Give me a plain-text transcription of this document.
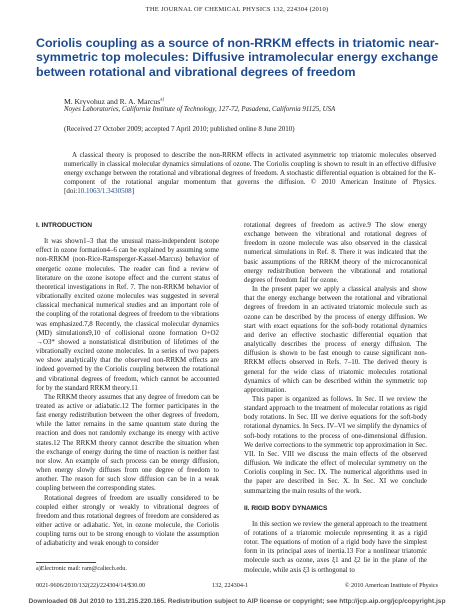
THE JOURNAL OF CHEMICAL PHYSICS 132, 224304 (2010)
Coriolis coupling as a source of non-RRKM effects in triatomic near-symmetric top molecules: Diffusive intramolecular energy exchange between rotational and vibrational degrees of freedom
M. Kryvohuz and R. A. Marcus$^{a)}$
Noyes Laboratories, California Institute of Technology, 127-72, Pasadena, California 91125, USA
(Received 27 October 2009; accepted 7 April 2010; published online 8 June 2010)
A classical theory is proposed to describe the non-RRKM effects in activated asymmetric top triatomic molecules observed numerically in classical molecular dynamics simulations of ozone. The Coriolis coupling is shown to result in an effective diffusive energy exchange between the rotational and vibrational degrees of freedom. A stochastic differential equation is obtained for the K-component of the rotational angular momentum that governs the diffusion. © 2010 American Institute of Physics. [doi:10.1063/1.3430508]
I. INTRODUCTION

It was shown1–3 that the unusual mass-independent isotope effect in ozone formation4–6 can be explained by assuming some non-RRKM (non-Rice-Ramsperger-Kassel-Marcus) behavior of energetic ozone molecules. The reader can find a review of literature on the ozone isotope effect and the current status of theoretical investigations in Ref. 7. The non-RRKM behavior of vibrationally excited ozone molecules was suggested in several classical mechanical numerical studies and an important role of the coupling of the rotational degrees of freedom to the vibrations was emphasized.7,8 Recently, the classical molecular dynamics (MD) simulations9,10 of collisional ozone formation O+O2 →O3* showed a nonstatistical distribution of lifetimes of the vibrationally excited ozone molecules. In a series of two papers we show analytically that the observed non-RRKM effects are indeed governed by the Coriolis coupling between the rotational and vibrational degrees of freedom, which cannot be accounted for by the standard RRKM theory.11

The RRKM theory assumes that any degree of freedom can be treated as active or adiabatic.12 The former participates in the fast energy redistribution between the other degrees of freedom, while the latter remains in the same quantum state during the reaction and does not randomly exchange its energy with active states.12 The RRKM theory cannot describe the situation when the exchange of energy during the time of reaction is neither fast nor slow. An example of such process can be energy diffusion, when energy slowly diffuses from one degree of freedom to another. The reason for such slow diffusion can be in a weak coupling between the corresponding states.

Rotational degrees of freedom are usually considered to be coupled either strongly or weakly to vibrational degrees of freedom and thus rotational degrees of freedom are considered as either active or adiabatic. Yet, in ozone molecule, the Coriolis coupling turns out to be strong enough to violate the assumption of adiabaticity and weak enough to consider

rotational degrees of freedom as active.9 The slow energy exchange between the vibrational and rotational degrees of freedom in ozone molecule was also observed in the classical numerical simulations in Ref. 8. There it was indicated that the basic assumptions of the RRKM theory of the microcanonical energy redistribution between the vibrational and rotational degrees of freedom fail for ozone.

In the present paper we apply a classical analysis and show that the energy exchange between the rotational and vibrational degrees of freedom in an activated triatomic molecule such as ozone can be described by the process of energy diffusion. We start with exact equations for the soft-body rotational dynamics and derive an effective stochastic differential equation that analytically describes the process of energy diffusion. The diffusion is shown to be fast enough to cause significant non-RRKM effects observed in Refs. 7–10. The derived theory is general for the wide class of triatomic molecules rotational dynamics of which can be described within the symmetric top approximation.

This paper is organized as follows. In Sec. II we review the standard approach to the treatment of molecular rotations as rigid body rotations. In Sec. III we derive equations for the soft-body rotational dynamics. In Secs. IV–VI we simplify the dynamics of soft-body rotations to the process of one-dimensional diffusion. We derive corrections to the symmetric top approximation in Sec. VII. In Sec. VIII we discuss the main effects of the observed diffusion. We indicate the effect of molecular symmetry on the Coriolis coupling in Sec. IX. The numerical algorithms used in the paper are described in Sec. X. In Sec. XI we conclude summarizing the main results of the work.

II. RIGID BODY DYNAMICS

In this section we review the general approach to the treatment of rotations of a triatomic molecule representing it as a rigid rotor. The equations of motion of a rigid body have the simplest form in its principal axes of inertia.13 For a nonlinear triatomic molecule such as ozone, axes ξ1 and ξ2 lie in the plane of the molecule, while axis ξ3 is orthogonal to

a)Electronic mail: ram@caltech.edu.
0021-9606/2010/132(22)/224304/14/$30.00	132, 224304-1	© 2010 American Institute of Physics
Downloaded 08 Jul 2010 to 131.215.220.165. Redistribution subject to AIP license or copyright; see http://jcp.aip.org/jcp/copyright.jsp
